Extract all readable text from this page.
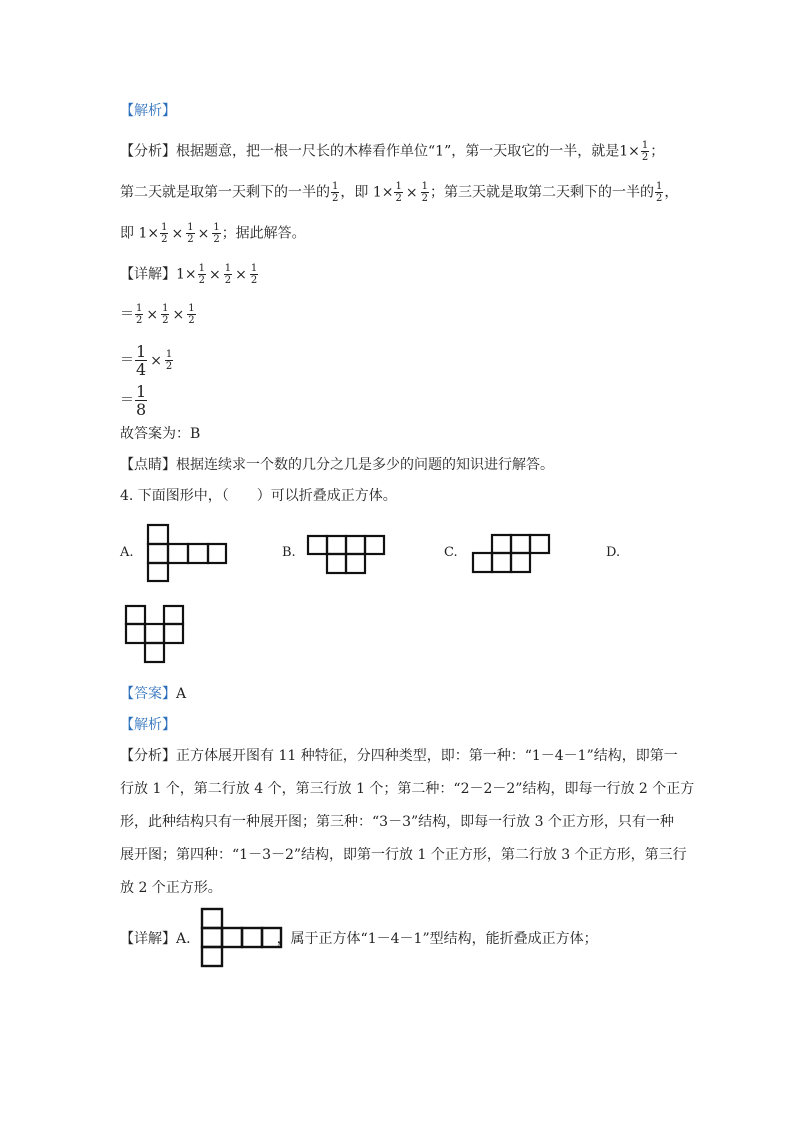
【解析】
【分析】根据题意，把一根一尺长的木棒看作单位“1”，第一天取它的一半，就是$1\times \frac{1}{2}$ ；
第二天就是取第一天剩下的一半的 $\frac{1}{2}$ ，即 $1\times \frac{1}{2} \times \frac{1}{2}$ ；第三天就是取第二天剩下的一半的 $\frac{1}{2}$ ，
即 $1\times \frac{1}{2} \times \frac{1}{2} \times \frac{1}{2}$ ；据此解答。
【详解】$1\times \frac{1}{2} \times \frac{1}{2} \times \frac{1}{2}$
＝ $\frac{1}{2} \times \frac{1}{2} \times \frac{1}{2}$
＝ $\frac{1}{4} \times \frac{1}{2}$
＝ $\frac{1}{8}$
故答案为：B
【点睛】根据连续求一个数的几分之几是多少的问题的知识进行解答。
4. 下面图形中，（　　）可以折叠成正方体。
A.	B.	C.	D.
【答案】A
【解析】
【分析】正方体展开图有 11 种特征，分四种类型，即：第一种：“1－4－1”结构，即第一
行放 1 个，第二行放 4 个，第三行放 1 个；第二种：“2－2－2”结构，即每一行放 2 个正方
形，此种结构只有一种展开图；第三种：“3－3”结构，即每一行放 3 个正方形，只有一种
展开图；第四种：“1－3－2”结构，即第一行放 1 个正方形，第二行放 3 个正方形，第三行
放 2 个正方形。
【详解】A.	，属于正方体“1－4－1”型结构，能折叠成正方体；
